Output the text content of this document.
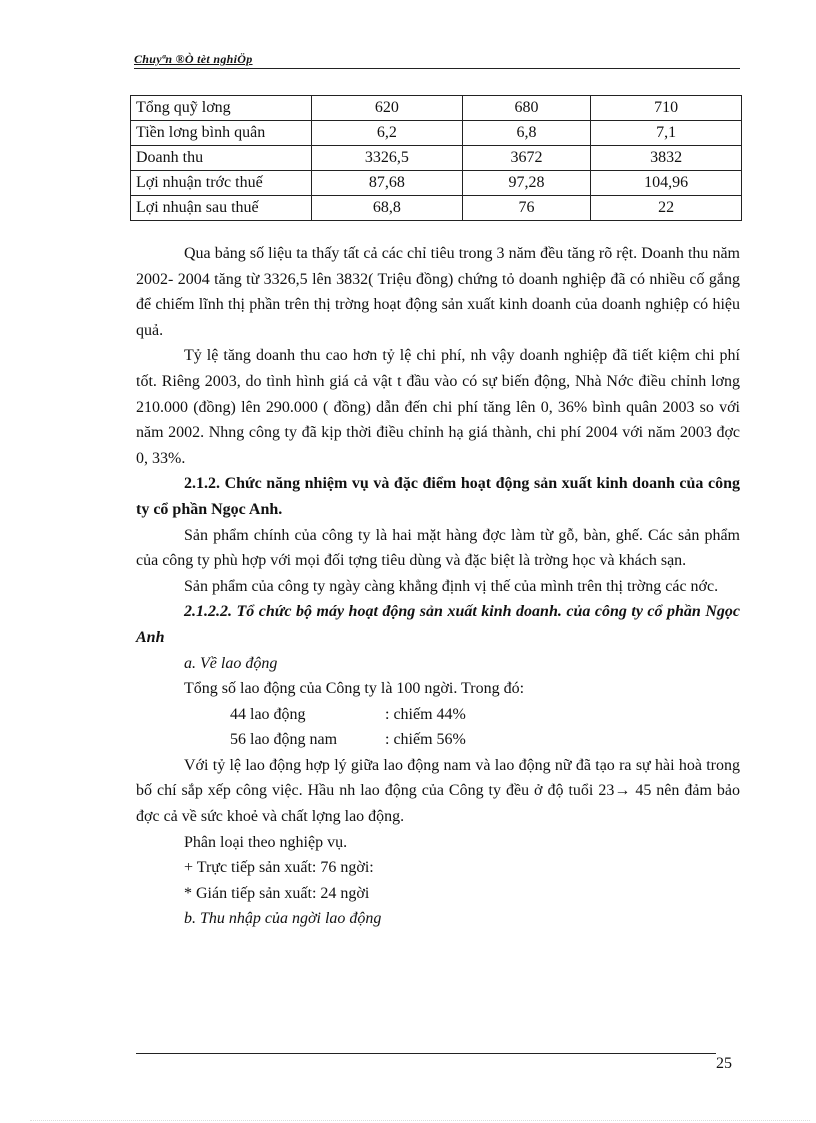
Chuyªn ®Ò tèt nghiÖp
Tổng quỹ lơng	620	680	710
Tiền lơng bình quân	6,2	6,8	7,1
Doanh thu	3326,5	3672	3832
Lợi nhuận trớc thuế	87,68	97,28	104,96
Lợi nhuận sau thuế	68,8	76	22

Qua bảng số liệu ta thấy tất cả các chỉ tiêu trong 3 năm đều tăng rõ rệt. Doanh thu năm 2002- 2004 tăng từ 3326,5 lên 3832( Triệu đồng) chứng tỏ doanh nghiệp đã có nhiều cố gắng để chiếm lĩnh thị phần trên thị trờng hoạt động sản xuất kinh doanh của doanh nghiệp có hiệu quả.

Tỷ lệ tăng doanh thu cao hơn tỷ lệ chi phí, nh vậy doanh nghiệp đã tiết kiệm chi phí tốt. Riêng 2003, do tình hình giá cả vật t đầu vào có sự biến động, Nhà Nớc điều chỉnh lơng 210.000 (đồng) lên 290.000 ( đồng) dẫn đến chi phí tăng lên 0, 36% bình quân 2003 so với năm 2002. Nhng công ty đã kịp thời điều chỉnh hạ giá thành, chi phí 2004 với năm 2003 đợc 0, 33%.

2.1.2. Chức năng nhiệm vụ và đặc điểm hoạt động sản xuất kinh doanh của công ty cổ phần Ngọc Anh.

Sản phẩm chính của công ty là hai mặt hàng đợc làm từ gỗ, bàn, ghế. Các sản phẩm của công ty phù hợp với mọi đối tợng tiêu dùng và đặc biệt là trờng học và khách sạn.

Sản phẩm của công ty ngày càng khẳng định vị thế của mình trên thị trờng các nớc.

2.1.2.2. Tổ chức bộ máy hoạt động sản xuất kinh doanh. của công ty cổ phần Ngọc Anh

a. Về lao động

Tổng số lao động của Công ty là 100 ngời. Trong đó:

44 lao động	: chiếm 44%

56 lao động nam	: chiếm 56%

Với tỷ lệ lao động hợp lý giữa lao động nam và lao động nữ đã tạo ra sự hài hoà trong bố chí sắp xếp công việc. Hầu nh lao động của Công ty đều ở độ tuổi 23→ 45 nên đảm bảo đợc cả về sức khoẻ và chất lợng lao động.

Phân loại theo nghiệp vụ.

+ Trực tiếp sản xuất: 76 ngời:

* Gián tiếp sản xuất: 24 ngời

b. Thu nhập của ngời lao động

25
